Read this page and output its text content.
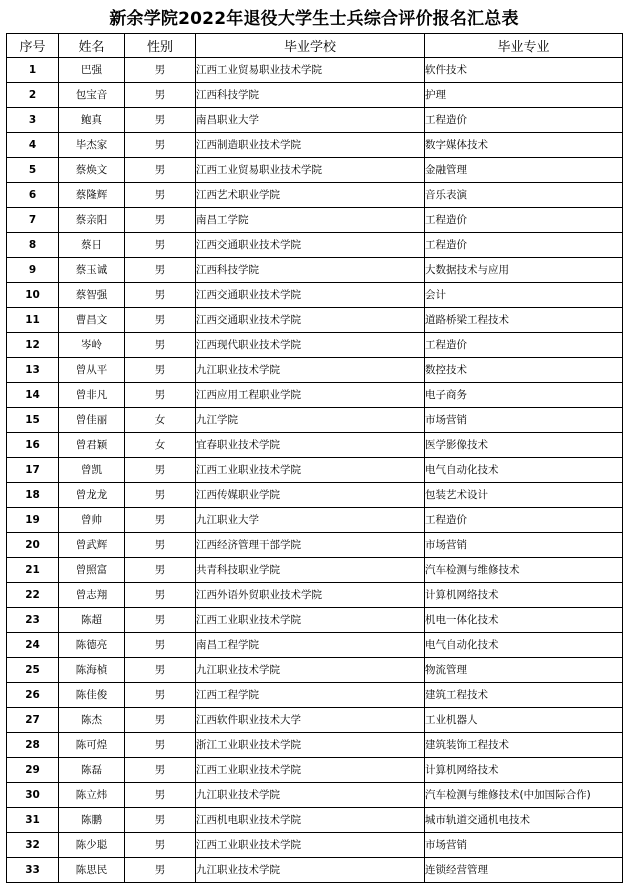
新余学院2022年退役大学生士兵综合评价报名汇总表
序号	姓名	性别	毕业学校	毕业专业
1	巴强	男	江西工业贸易职业技术学院	软件技术
2	包宝音	男	江西科技学院	护理
3	鲍真	男	南昌职业大学	工程造价
4	毕杰家	男	江西制造职业技术学院	数字媒体技术
5	蔡焕文	男	江西工业贸易职业技术学院	金融管理
6	蔡隆辉	男	江西艺术职业学院	音乐表演
7	蔡亲阳	男	南昌工学院	工程造价
8	蔡日	男	江西交通职业技术学院	工程造价
9	蔡玉诚	男	江西科技学院	大数据技术与应用
10	蔡智强	男	江西交通职业技术学院	会计
11	曹昌文	男	江西交通职业技术学院	道路桥梁工程技术
12	岑岭	男	江西现代职业技术学院	工程造价
13	曾从平	男	九江职业技术学院	数控技术
14	曾非凡	男	江西应用工程职业学院	电子商务
15	曾佳丽	女	九江学院	市场营销
16	曾君颖	女	宜春职业技术学院	医学影像技术
17	曾凯	男	江西工业职业技术学院	电气自动化技术
18	曾龙龙	男	江西传媒职业学院	包装艺术设计
19	曾帅	男	九江职业大学	工程造价
20	曾武辉	男	江西经济管理干部学院	市场营销
21	曾照富	男	共青科技职业学院	汽车检测与维修技术
22	曾志翔	男	江西外语外贸职业技术学院	计算机网络技术
23	陈超	男	江西工业职业技术学院	机电一体化技术
24	陈德亮	男	南昌工程学院	电气自动化技术
25	陈海楨	男	九江职业技术学院	物流管理
26	陈佳俊	男	江西工程学院	建筑工程技术
27	陈杰	男	江西软件职业技术大学	工业机器人
28	陈可煌	男	浙江工业职业技术学院	建筑装饰工程技术
29	陈磊	男	江西工业职业技术学院	计算机网络技术
30	陈立炜	男	九江职业技术学院	汽车检测与维修技术(中加国际合作)
31	陈鹏	男	江西机电职业技术学院	城市轨道交通机电技术
32	陈少聪	男	江西工业职业技术学院	市场营销
33	陈思民	男	九江职业技术学院	连锁经营管理
